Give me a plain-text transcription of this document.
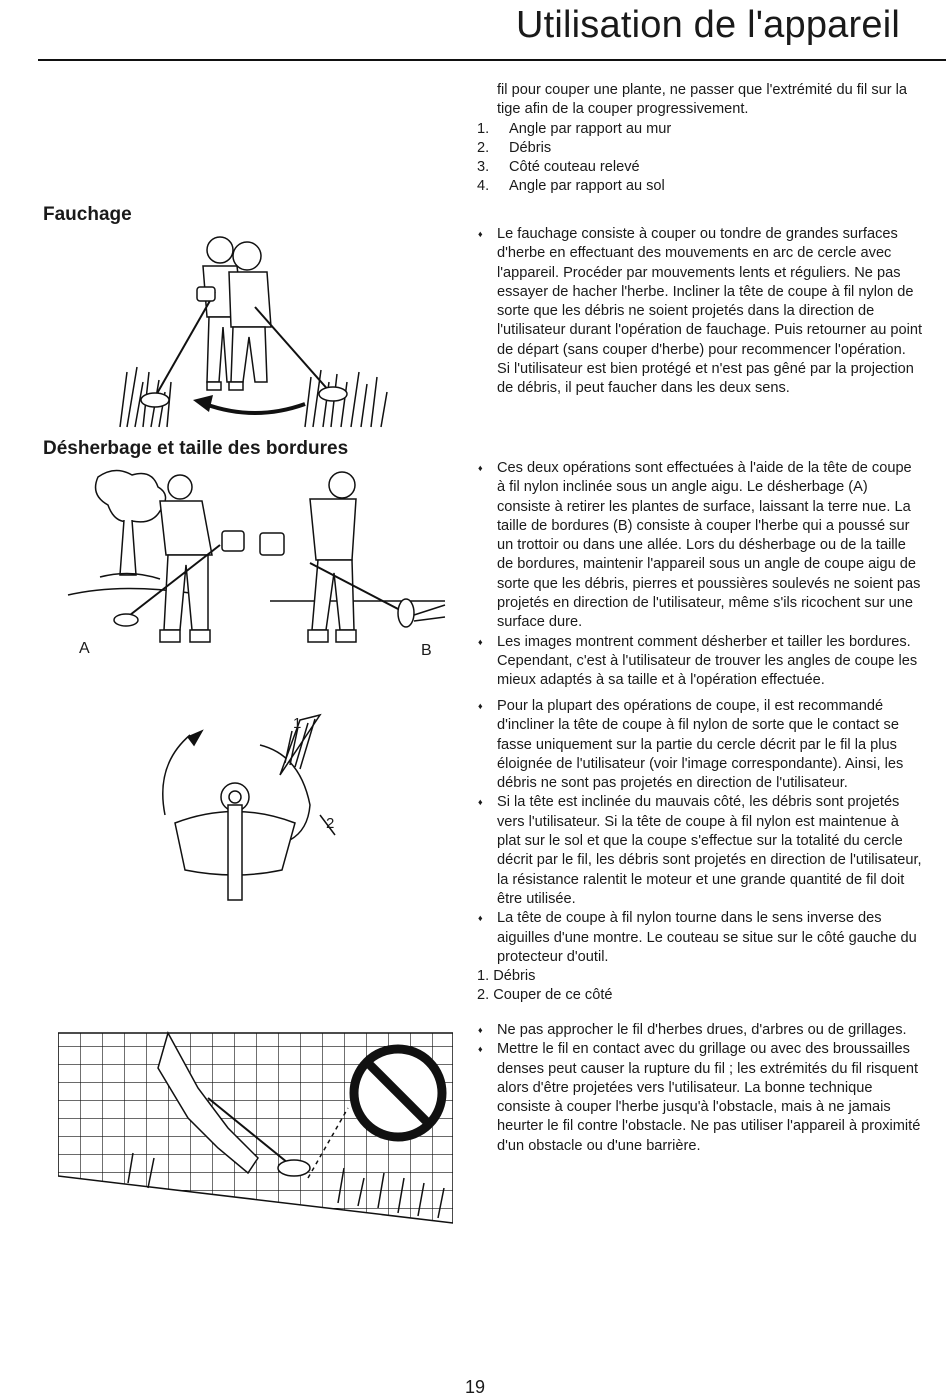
Utilisation de l'appareil

fil pour couper une plante, ne passer que l'extrémité du fil sur la tige afin de la couper progressivement.

1. Angle par rapport au mur
2. Débris
3. Côté couteau relevé
4. Angle par rapport au sol
Fauchage
♦ Le fauchage consiste à couper ou tondre de grandes surfaces d'herbe en effectuant des mouvements en arc de cercle avec l'appareil. Procéder par mouvements lents et réguliers. Ne pas essayer de hacher l'herbe. Incliner la tête de coupe à fil nylon de sorte que les débris ne soient projetés dans la direction de l'utilisateur durant l'opération de fauchage. Puis retourner au point de départ (sans couper d'herbe) pour recommencer l'opération. Si l'utilisateur est bien protégé et n'est pas gêné par la projection de débris, il peut faucher dans les deux sens.
Désherbage et taille des bordures
A	B
♦ Ces deux opérations sont effectuées à l'aide de la tête de coupe à fil nylon inclinée sous un angle aigu. Le désherbage (A) consiste à retirer les plantes de surface, laissant la terre nue. La taille de bordures (B) consiste à couper l'herbe qui a poussé sur un trottoir ou dans une allée. Lors du désherbage ou de la taille de bordures, maintenir l'appareil sous un angle de coupe aigu de sorte que les débris, pierres et poussières soulevés ne soient pas projetés en direction de l'utilisateur, même s'ils ricochent sur une surface dure.
♦ Les images montrent comment désherber et tailler les bordures. Cependant, c'est à l'utilisateur de trouver les angles de coupe les mieux adaptés à sa taille et à l'opération effectuée.
1
2
♦ Pour la plupart des opérations de coupe, il est recommandé d'incliner la tête de coupe à fil nylon de sorte que le contact se fasse uniquement sur la partie du cercle décrit par le fil la plus éloignée de l'utilisateur (voir l'image correspondante). Ainsi, les débris ne sont pas projetés en direction de l'utilisateur.
♦ Si la tête est inclinée du mauvais côté, les débris sont projetés vers l'utilisateur. Si la tête de coupe à fil nylon est maintenue à plat sur le sol et que la coupe s'effectue sur la totalité du cercle décrit par le fil, les débris sont projetés en direction de l'utilisateur, la résistance ralentit le moteur et une grande quantité de fil doit être utilisée.
♦ La tête de coupe à fil nylon tourne dans le sens inverse des aiguilles d'une montre. Le couteau se situe sur le côté gauche du protecteur d'outil.
1. Débris
2. Couper de ce côté
♦ Ne pas approcher le fil d'herbes drues, d'arbres ou de grillages.
♦ Mettre le fil en contact avec du grillage ou avec des broussailles denses peut causer la rupture du fil ; les extrémités du fil risquent alors d'être projetées vers l'utilisateur. La bonne technique consiste à couper l'herbe jusqu'à l'obstacle, mais à ne jamais heurter le fil contre l'obstacle. Ne pas utiliser l'appareil à proximité d'un obstacle ou d'une barrière.
19
